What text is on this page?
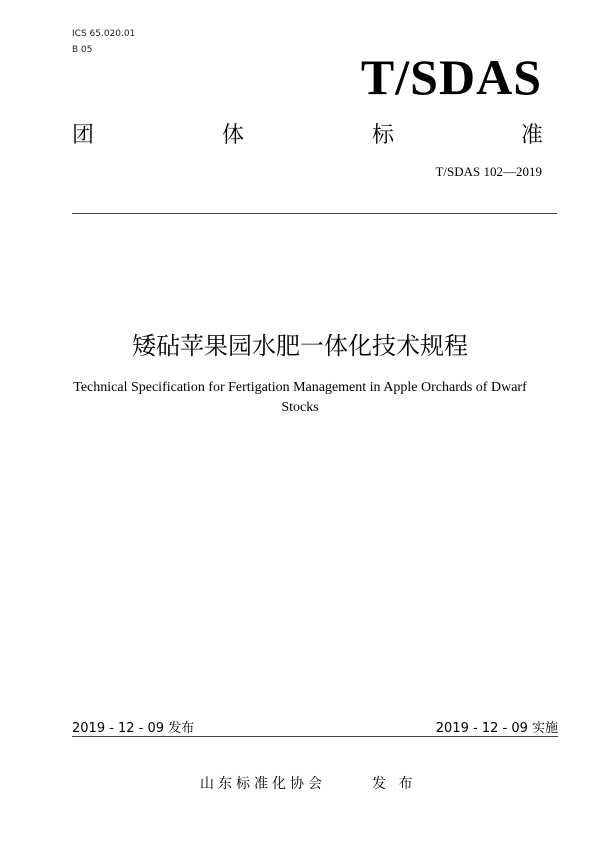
ICS 65.020.01
B 05	T/SDAS
团	体	标	准
T/SDAS 102—2019
矮砧苹果园水肥一体化技术规程
Technical Specification for Fertigation Management in Apple Orchards of Dwarf
Stocks
2019 - 12 - 09 发布	2019 - 12 - 09 实施
山东标准化协会	发 布
